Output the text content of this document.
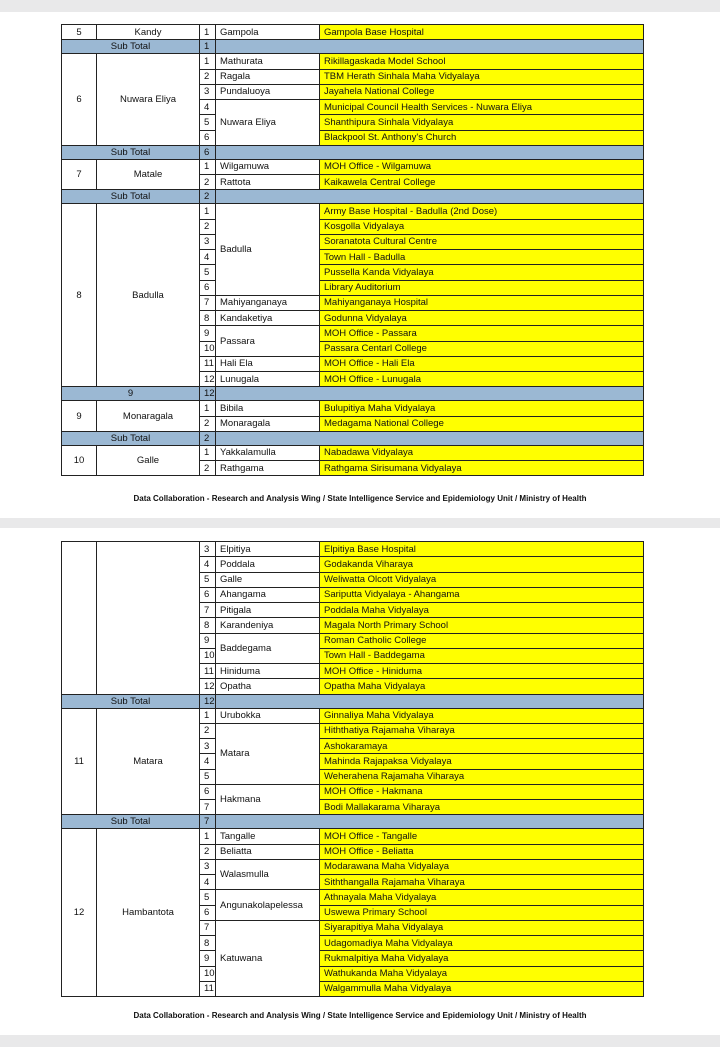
5	Kandy	1	Gampola	Gampola Base Hospital
Sub Total		1		
6	Nuwara Eliya	1	Mathurata	Rikillagaskada Model School
		2	Ragala	TBM Herath Sinhala Maha Vidyalaya
		3	Pundaluoya	Jayahela National College
		4	Nuwara Eliya	Municipal Council Health Services - Nuwara Eliya
		5		Shanthipura Sinhala Vidyalaya
		6		Blackpool St. Anthony's Church
Sub Total		6		
7	Matale	1	Wilgamuwa	MOH Office - Wilgamuwa
		2	Rattota	Kaikawela Central College
Sub Total		2		
8	Badulla	1	Badulla	Army Base Hospital - Badulla (2nd Dose)
		2		Kosgolla Vidyalaya
		3		Soranatota Cultural Centre
		4		Town Hall - Badulla
		5		Pussella Kanda Vidyalaya
		6		Library Auditorium
		7	Mahiyanganaya	Mahiyanganaya Hospital
		8	Kandaketiya	Godunna Vidyalaya
		9	Passara	MOH Office - Passara
		10		Passara Centarl College
		11	Hali Ela	MOH Office - Hali Ela
		12	Lunugala	MOH Office - Lunugala
9		12		
9	Monaragala	1	Bibila	Bulupitiya Maha Vidyalaya
		2	Monaragala	Medagama National College
Sub Total		2		
10	Galle	1	Yakkalamulla	Nabadawa Vidyalaya
		2	Rathgama	Rathgama Sirisumana Vidyalaya
Data Collaboration - Research and Analysis Wing / State Intelligence Service and Epidemiology Unit / Ministry of Health
		3	Elpitiya	Elpitiya Base Hospital
		4	Poddala	Godakanda Viharaya
		5	Galle	Weliwatta Olcott Vidyalaya
		6	Ahangama	Sariputta Vidyalaya - Ahangama
		7	Pitigala	Poddala Maha Vidyalaya
		8	Karandeniya	Magala North Primary School
		9	Baddegama	Roman Catholic College
		10		Town Hall - Baddegama
		11	Hiniduma	MOH Office - Hiniduma
		12	Opatha	Opatha Maha Vidyalaya
Sub Total		12		
11	Matara	1	Urubokka	Ginnaliya Maha Vidyalaya
		2	Matara	Hiththatiya Rajamaha Viharaya
		3		Ashokaramaya
		4		Mahinda Rajapaksa Vidyalaya
		5		Weherahena Rajamaha Viharaya
		6	Hakmana	MOH Office - Hakmana
		7		Bodi Mallakarama Viharaya
Sub Total		7		
12	Hambantota	1	Tangalle	MOH Office - Tangalle
		2	Beliatta	MOH Office - Beliatta
		3	Walasmulla	Modarawana Maha Vidyalaya
		4		Siththangalla Rajamaha Viharaya
		5	Angunakolapelessa	Athnayala Maha Vidyalaya
		6		Uswewa Primary School
		7	Katuwana	Siyarapitiya Maha Vidyalaya
		8		Udagomadiya Maha Vidyalaya
		9		Rukmalpitiya Maha Vidyalaya
		10		Wathukanda Maha Vidyalaya
		11		Walgammulla Maha Vidyalaya
Data Collaboration - Research and Analysis Wing / State Intelligence Service and Epidemiology Unit / Ministry of Health
